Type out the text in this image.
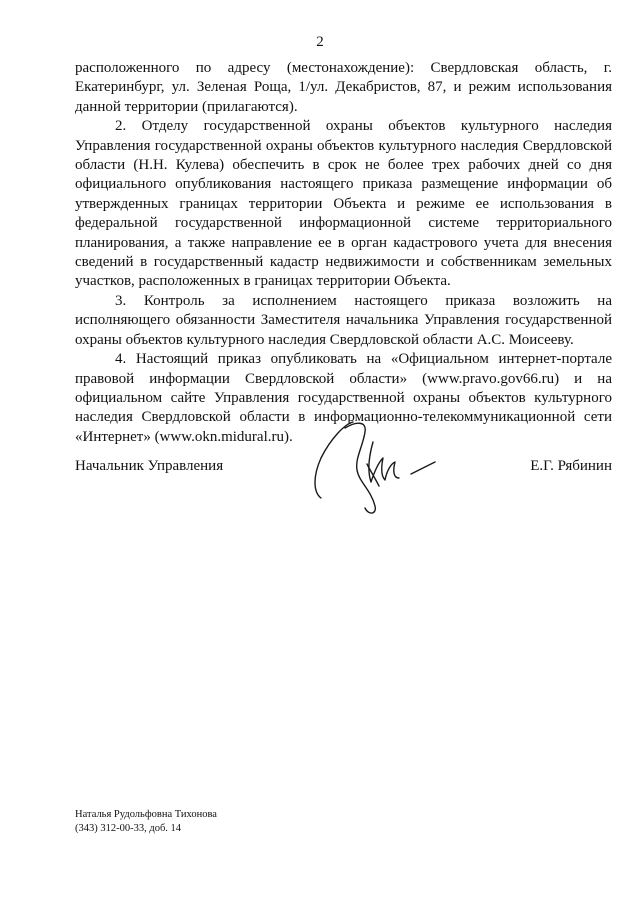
2

расположенного по адресу (местонахождение): Свердловская область, г. Екатеринбург, ул. Зеленая Роща, 1/ул. Декабристов, 87, и режим использования данной территории (прилагаются).

2. Отделу государственной охраны объектов культурного наследия Управления государственной охраны объектов культурного наследия Свердловской области (Н.Н. Кулева) обеспечить в срок не более трех рабочих дней со дня официального опубликования настоящего приказа размещение информации об утвержденных границах территории Объекта и режиме ее использования в федеральной государственной информационной системе территориального планирования, а также направление ее в орган кадастрового учета для внесения сведений в государственный кадастр недвижимости и собственникам земельных участков, расположенных в границах территории Объекта.

3. Контроль за исполнением настоящего приказа возложить на исполняющего обязанности Заместителя начальника Управления государственной охраны объектов культурного наследия Свердловской области А.С. Моисееву.

4. Настоящий приказ опубликовать на «Официальном интернет-портале правовой информации Свердловской области» (www.pravo.gov66.ru) и на официальном сайте Управления государственной охраны объектов культурного наследия Свердловской области в информационно-телекоммуникационной сети «Интернет» (www.okn.midural.ru).

Начальник Управления	Е.Г. Рябинин
Наталья Рудольфовна Тихонова
(343) 312-00-33, доб. 14
